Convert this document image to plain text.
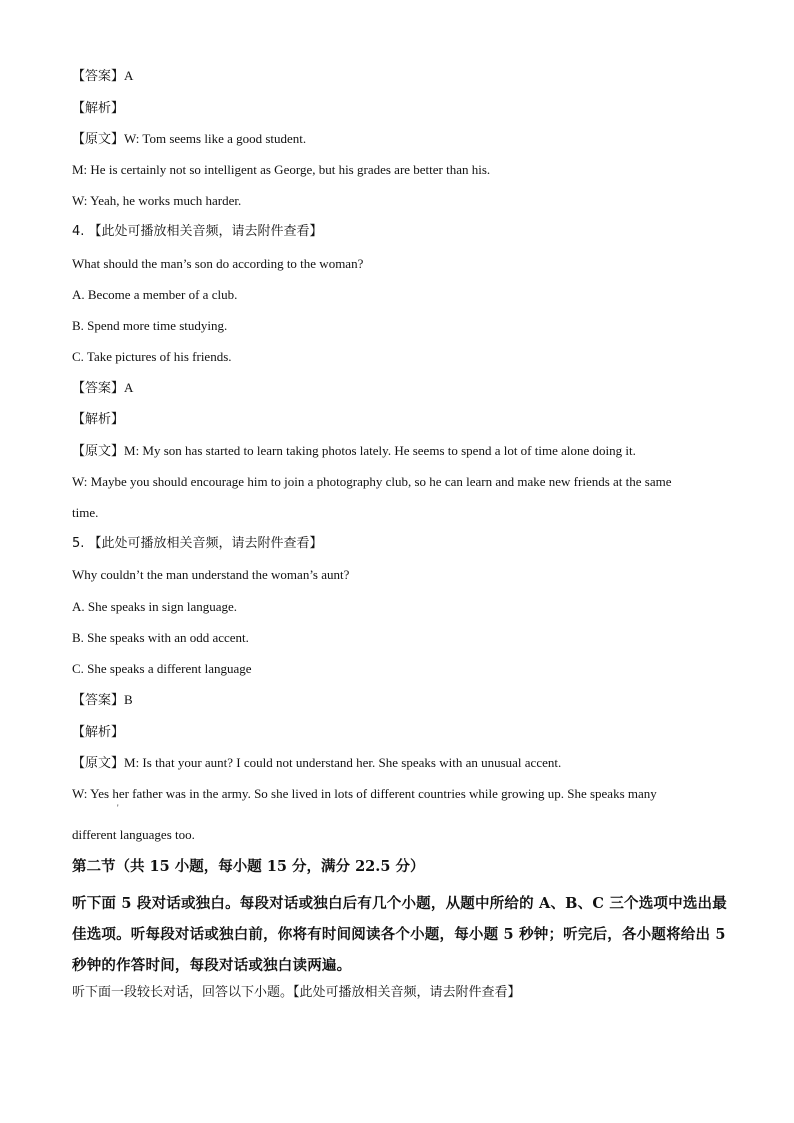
【答案】A
【解析】
【原文】W: Tom seems like a good student.
M: He is certainly not so intelligent as George, but his grades are better than his.
W: Yeah, he works much harder.
4. 【此处可播放相关音频，请去附件查看】
What should the man’s son do according to the woman?
A. Become a member of a club.
B. Spend more time studying.
C. Take pictures of his friends.
【答案】A
【解析】
【原文】M: My son has started to learn taking photos lately. He seems to spend a lot of time alone doing it.
W: Maybe you should encourage him to join a photography club, so he can learn and make new friends at the same
time.
5. 【此处可播放相关音频，请去附件查看】
Why couldn’t the man understand the woman’s aunt?
A. She speaks in sign language.
B. She speaks with an odd accent.
C. She speaks a different language
【答案】B
【解析】
【原文】M: Is that your aunt? I could not understand her. She speaks with an unusual accent.
W: Yes her father was in the army. So she lived in lots of different countries while growing up. She speaks many
'
different languages too.
第二节（共 15 小题，每小题 15 分，满分 22.5 分）
听下面 5 段对话或独白。每段对话或独白后有几个小题，从题中所给的 A、B、C 三个选项中选出最佳选项。听每段对话或独白前，你将有时间阅读各个小题，每小题 5 秒钟；听完后，各小题将给出 5 秒钟的作答时间，每段对话或独白读两遍。
听下面一段较长对话，回答以下小题。【此处可播放相关音频，请去附件查看】
